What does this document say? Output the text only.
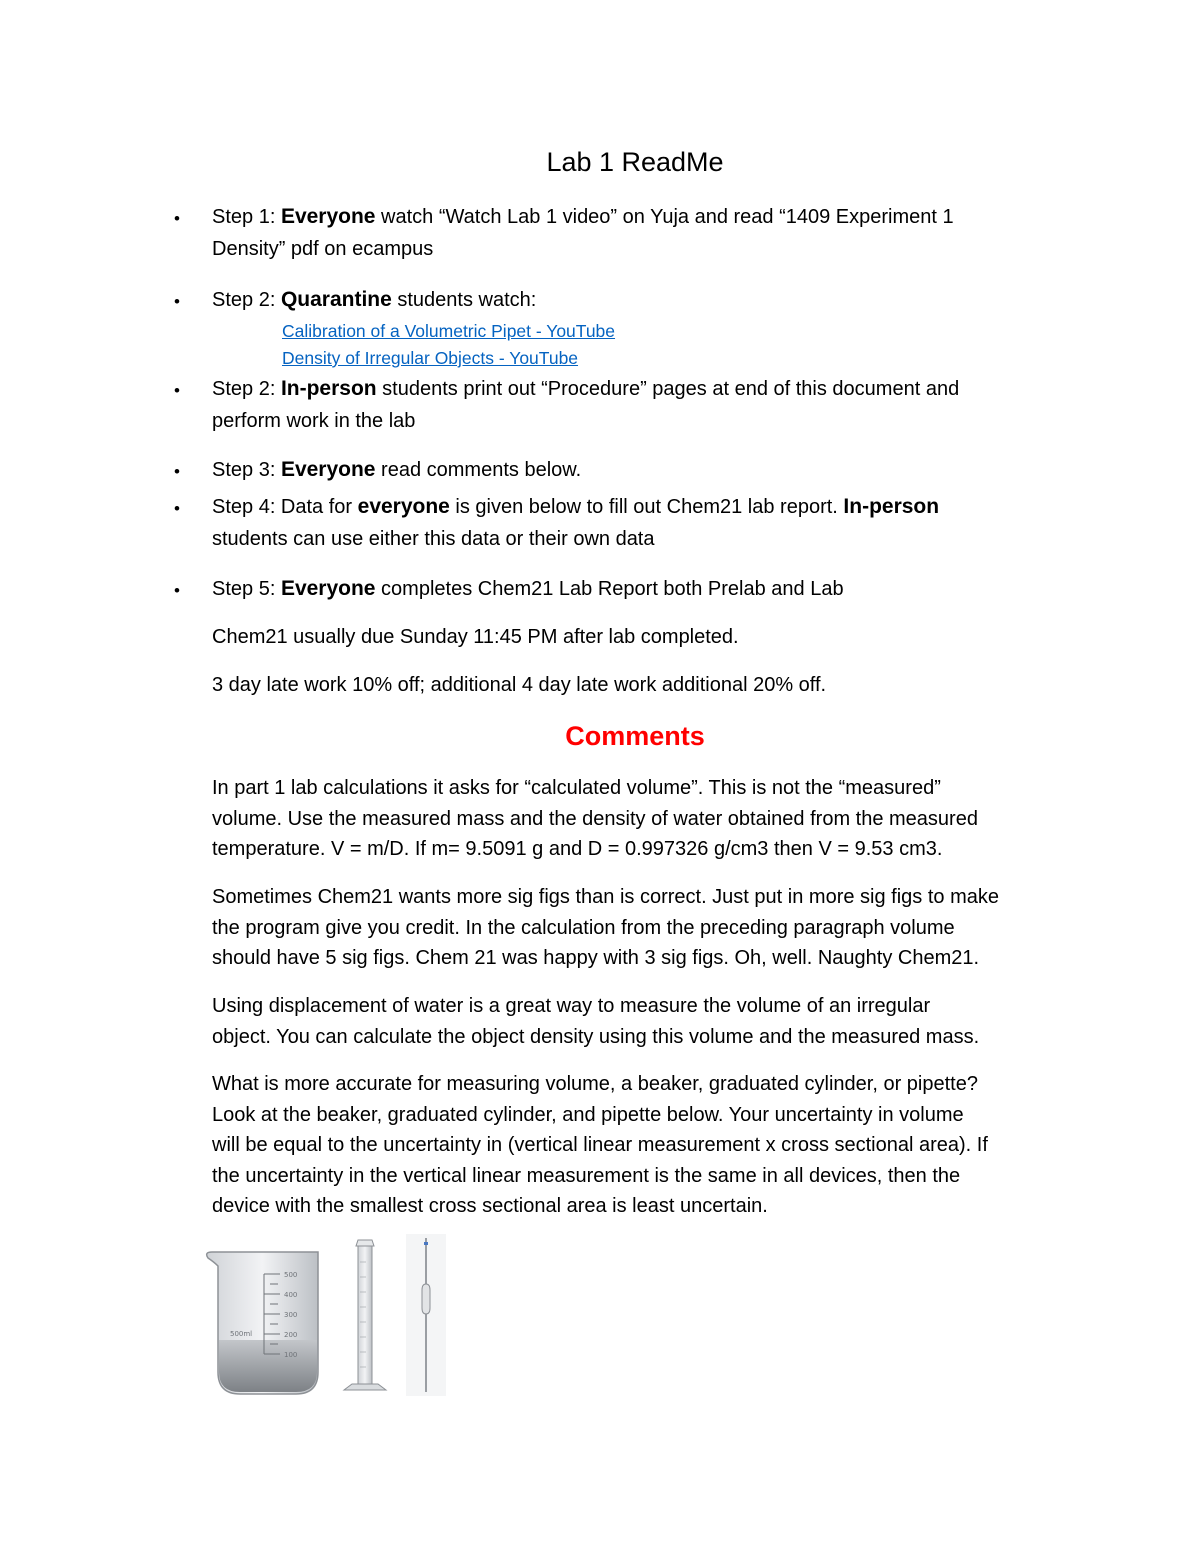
Lab 1 ReadMe
• Step 1: Everyone watch “Watch Lab 1 video” on Yuja and read “1409 Experiment 1
Density” pdf on ecampus
• Step 2: Quarantine students watch:
Calibration of a Volumetric Pipet - YouTube
Density of Irregular Objects - YouTube
• Step 2: In-person students print out “Procedure” pages at end of this document and
perform work in the lab
• Step 3: Everyone read comments below.
• Step 4: Data for everyone is given below to fill out Chem21 lab report. In-person
students can use either this data or their own data
• Step 5: Everyone completes Chem21 Lab Report both Prelab and Lab
Chem21 usually due Sunday 11:45 PM after lab completed.
3 day late work 10% off; additional 4 day late work additional 20% off.
Comments
In part 1 lab calculations it asks for “calculated volume”. This is not the “measured”
volume. Use the measured mass and the density of water obtained from the measured
temperature. V = m/D. If m= 9.5091 g and D = 0.997326 g/cm3 then V = 9.53 cm3.
Sometimes Chem21 wants more sig figs than is correct. Just put in more sig figs to make
the program give you credit. In the calculation from the preceding paragraph volume
should have 5 sig figs. Chem 21 was happy with 3 sig figs. Oh, well. Naughty Chem21.
Using displacement of water is a great way to measure the volume of an irregular
object. You can calculate the object density using this volume and the measured mass.
What is more accurate for measuring volume, a beaker, graduated cylinder, or pipette?
Look at the beaker, graduated cylinder, and pipette below. Your uncertainty in volume
will be equal to the uncertainty in (vertical linear measurement x cross sectional area). If
the uncertainty in the vertical linear measurement is the same in all devices, then the
device with the smallest cross sectional area is least uncertain.
500
400
300
200
100
500ml
